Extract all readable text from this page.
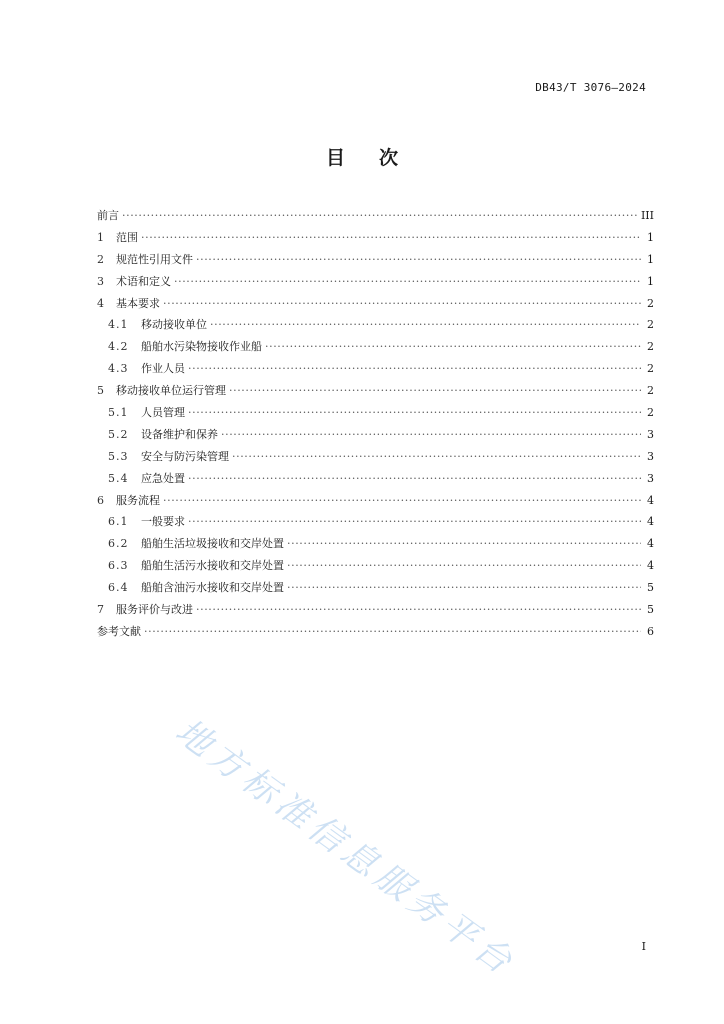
DB43/T 3076—2024
目 次
前言 ·····	III
1	范围 ·····	1
2	规范性引用文件 ·····	1
3	术语和定义 ·····	1
4	基本要求 ·····	2
4.1	移动接收单位 ·····	2
4.2	船舶水污染物接收作业船 ·····	2
4.3	作业人员 ·····	2
5	移动接收单位运行管理 ·····	2
5.1	人员管理 ·····	2
5.2	设备维护和保养 ·····	3
5.3	安全与防污染管理 ·····	3
5.4	应急处置 ·····	3
6	服务流程 ·····	4
6.1	一般要求 ·····	4
6.2	船舶生活垃圾接收和交岸处置 ·····	4
6.3	船舶生活污水接收和交岸处置 ·····	4
6.4	船舶含油污水接收和交岸处置 ·····	5
7	服务评价与改进 ·····	5
参考文献 ·····	6
地方标准信息服务平台	I
